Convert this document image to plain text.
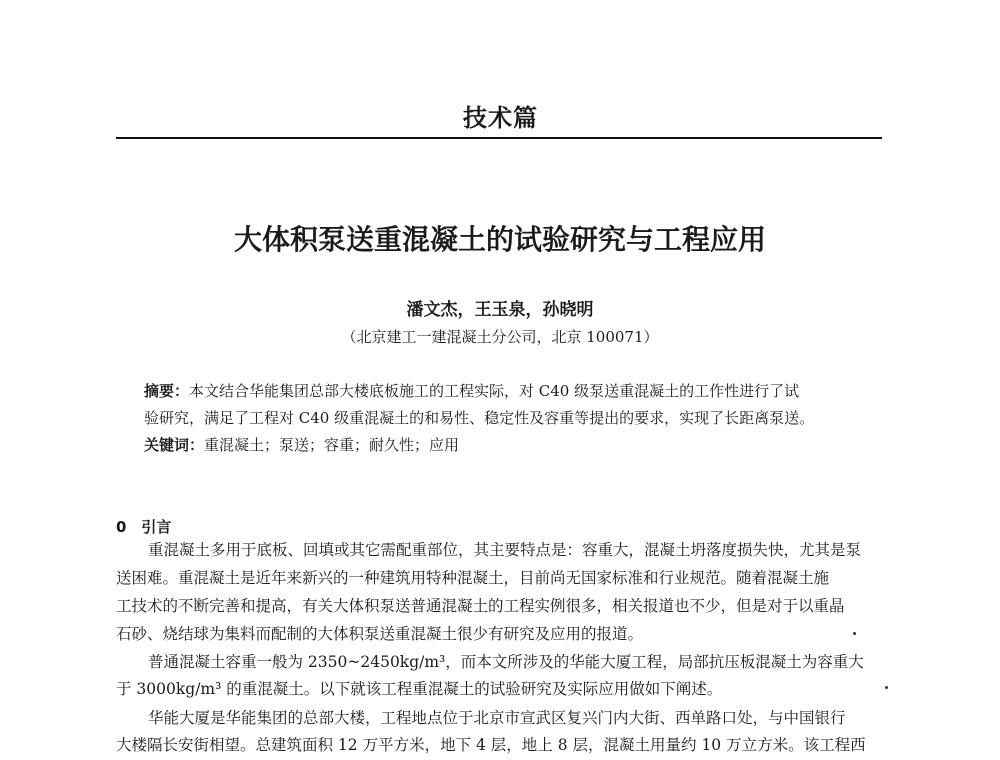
技术篇
大体积泵送重混凝土的试验研究与工程应用
潘文杰，王玉泉，孙晓明
（北京建工一建混凝土分公司，北京 100071）
摘要：本文结合华能集团总部大楼底板施工的工程实际，对 C40 级泵送重混凝土的工作性进行了试
验研究，满足了工程对 C40 级重混凝土的和易性、稳定性及容重等提出的要求，实现了长距离泵送。
关键词：重混凝土；泵送；容重；耐久性；应用
0　引言
重混凝土多用于底板、回填或其它需配重部位，其主要特点是：容重大，混凝土坍落度损失快，尤其是泵
送困难。重混凝土是近年来新兴的一种建筑用特种混凝土，目前尚无国家标准和行业规范。随着混凝土施
工技术的不断完善和提高，有关大体积泵送普通混凝土的工程实例很多，相关报道也不少，但是对于以重晶
石砂、烧结球为集料而配制的大体积泵送重混凝土很少有研究及应用的报道。
普通混凝土容重一般为 2350~2450kg/m³，而本文所涉及的华能大厦工程，局部抗压板混凝土为容重大
于 3000kg/m³ 的重混凝土。以下就该工程重混凝土的试验研究及实际应用做如下阐述。
华能大厦是华能集团的总部大楼，工程地点位于北京市宣武区复兴门内大街、西单路口处，与中国银行
大楼隔长安街相望。总建筑面积 12 万平方米，地下 4 层，地上 8 层，混凝土用量约 10 万立方米。该工程西
